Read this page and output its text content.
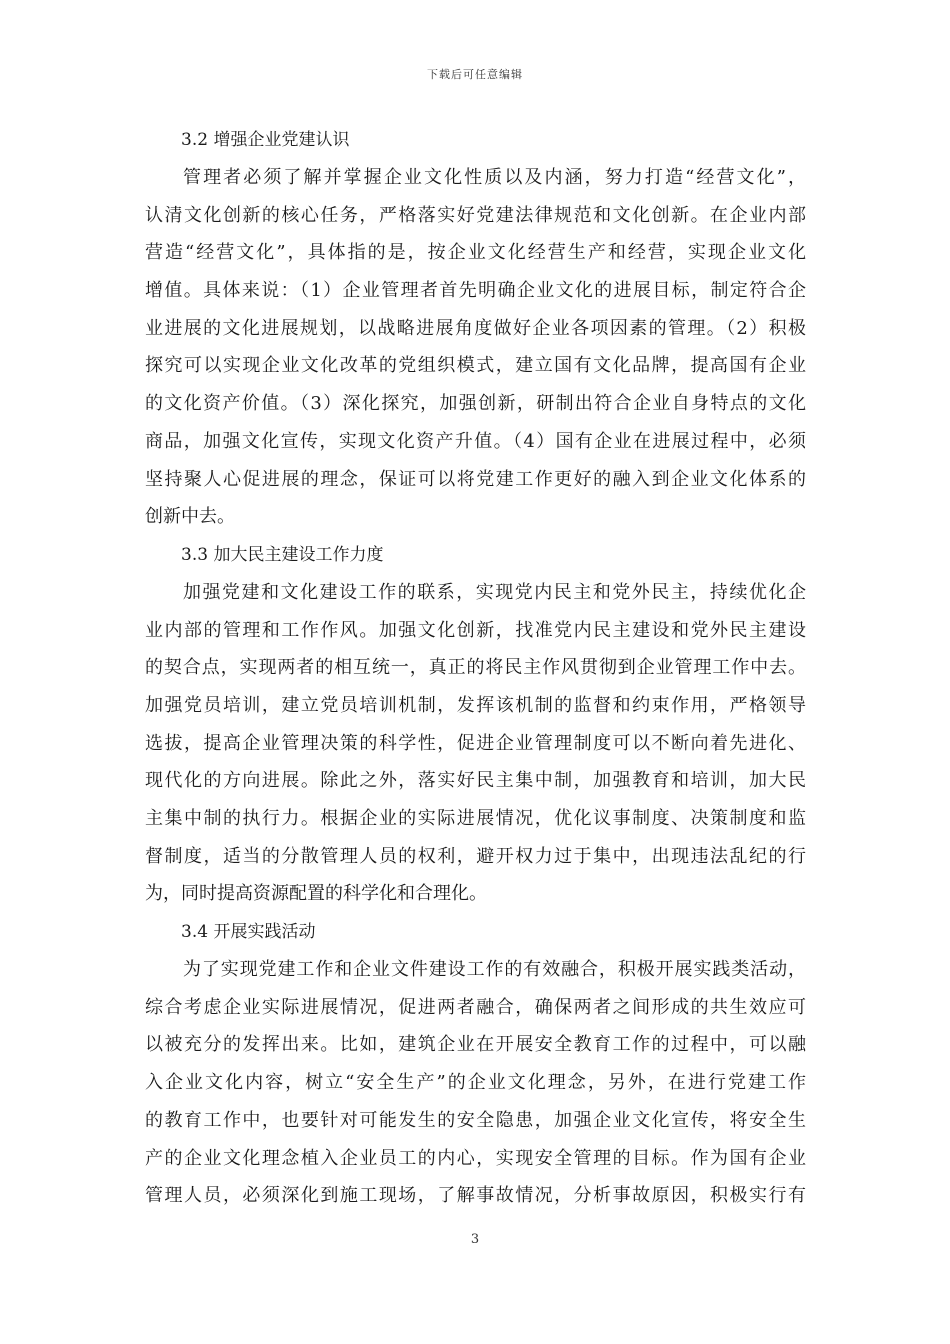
下载后可任意编辑
3.2 增强企业党建认识

管理者必须了解并掌握企业文化性质以及内涵，努力打造“经营文化”，

认清文化创新的核心任务，严格落实好党建法律规范和文化创新。在企业内部

营造“经营文化”，具体指的是，按企业文化经营生产和经营，实现企业文化

增值。具体来说：（1）企业管理者首先明确企业文化的进展目标，制定符合企

业进展的文化进展规划，以战略进展角度做好企业各项因素的管理。（2）积极

探究可以实现企业文化改革的党组织模式，建立国有文化品牌，提高国有企业

的文化资产价值。（3）深化探究，加强创新，研制出符合企业自身特点的文化

商品，加强文化宣传，实现文化资产升值。（4）国有企业在进展过程中，必须

坚持聚人心促进展的理念，保证可以将党建工作更好的融入到企业文化体系的

创新中去。

3.3 加大民主建设工作力度

加强党建和文化建设工作的联系，实现党内民主和党外民主，持续优化企

业内部的管理和工作作风。加强文化创新，找准党内民主建设和党外民主建设

的契合点，实现两者的相互统一，真正的将民主作风贯彻到企业管理工作中去。

加强党员培训，建立党员培训机制，发挥该机制的监督和约束作用，严格领导

选拔，提高企业管理决策的科学性，促进企业管理制度可以不断向着先进化、

现代化的方向进展。除此之外，落实好民主集中制，加强教育和培训，加大民

主集中制的执行力。根据企业的实际进展情况，优化议事制度、决策制度和监

督制度，适当的分散管理人员的权利，避开权力过于集中，出现违法乱纪的行

为，同时提高资源配置的科学化和合理化。

3.4 开展实践活动

为了实现党建工作和企业文件建设工作的有效融合，积极开展实践类活动，

综合考虑企业实际进展情况，促进两者融合，确保两者之间形成的共生效应可

以被充分的发挥出来。比如，建筑企业在开展安全教育工作的过程中，可以融

入企业文化内容，树立“安全生产”的企业文化理念，另外，在进行党建工作

的教育工作中，也要针对可能发生的安全隐患，加强企业文化宣传，将安全生

产的企业文化理念植入企业员工的内心，实现安全管理的目标。作为国有企业

管理人员，必须深化到施工现场，了解事故情况，分析事故原因，积极实行有

3
